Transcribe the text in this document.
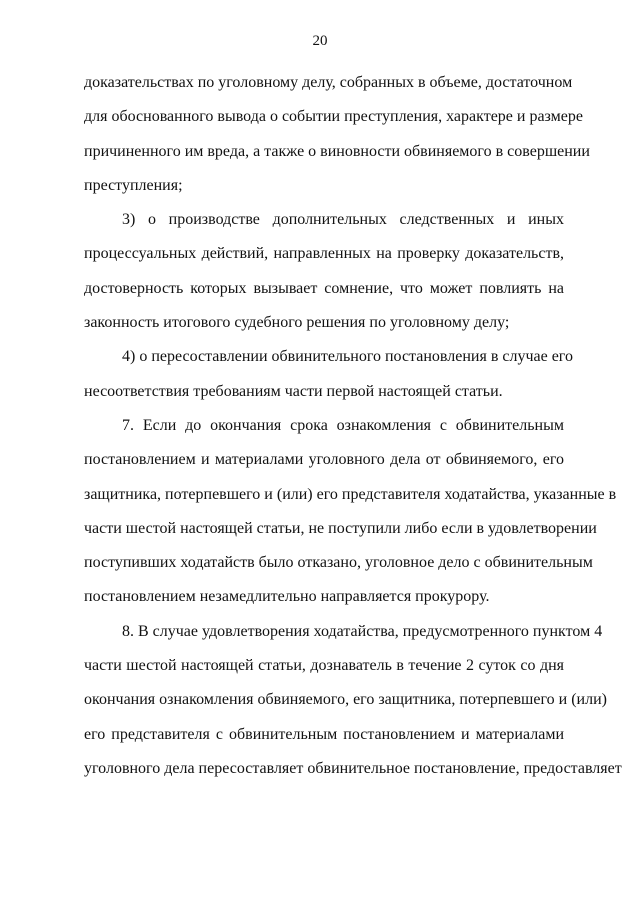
20
доказательствах по уголовному делу, собранных в объеме, достаточном
для обоснованного вывода о событии преступления, характере и размере
причиненного им вреда, а также о виновности обвиняемого в совершении
преступления;
3) о производстве дополнительных следственных и иных
процессуальных действий, направленных на проверку доказательств,
достоверность которых вызывает сомнение, что может повлиять на
законность итогового судебного решения по уголовному делу;
4) о пересоставлении обвинительного постановления в случае его
несоответствия требованиям части первой настоящей статьи.
7. Если до окончания срока ознакомления с обвинительным
постановлением и материалами уголовного дела от обвиняемого, его
защитника, потерпевшего и (или) его представителя ходатайства, указанные в
части шестой настоящей статьи, не поступили либо если в удовлетворении
поступивших ходатайств было отказано, уголовное дело с обвинительным
постановлением незамедлительно направляется прокурору.
8. В случае удовлетворения ходатайства, предусмотренного пунктом 4
части шестой настоящей статьи, дознаватель в течение 2 суток со дня
окончания ознакомления обвиняемого, его защитника, потерпевшего и (или)
его представителя с обвинительным постановлением и материалами
уголовного дела пересоставляет обвинительное постановление, предоставляет
